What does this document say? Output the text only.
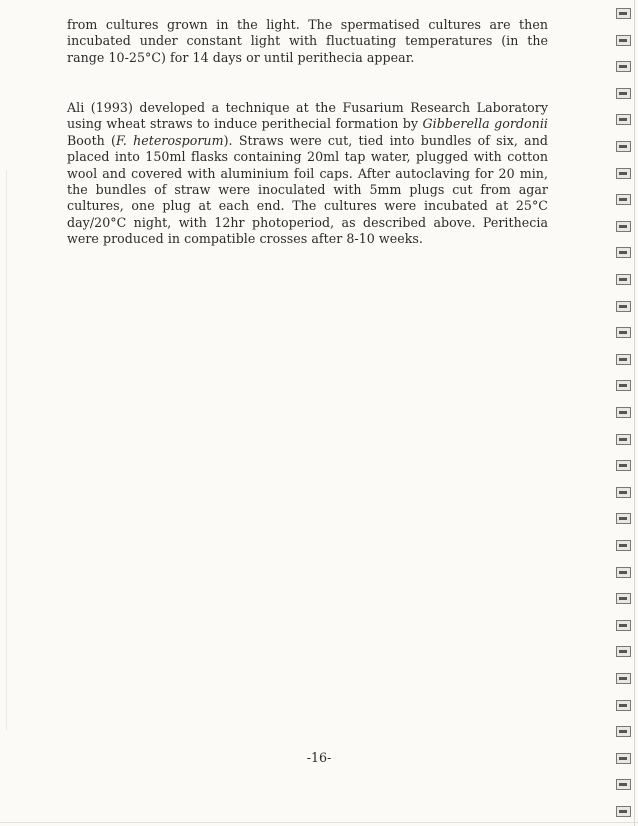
from cultures grown in the light. The spermatised cultures are then incubated under constant light with fluctuating temperatures (in the range 10-25°C) for 14 days or until perithecia appear.

Ali (1993) developed a technique at the Fusarium Research Laboratory using wheat straws to induce perithecial formation by Gibberella gordonii Booth (F. heterosporum). Straws were cut, tied into bundles of six, and placed into 150ml flasks containing 20ml tap water, plugged with cotton wool and covered with aluminium foil caps. After autoclaving for 20 min, the bundles of straw were inoculated with 5mm plugs cut from agar cultures, one plug at each end. The cultures were incubated at 25°C day/20°C night, with 12hr photoperiod, as described above. Perithecia were produced in compatible crosses after 8-10 weeks.

-16-
